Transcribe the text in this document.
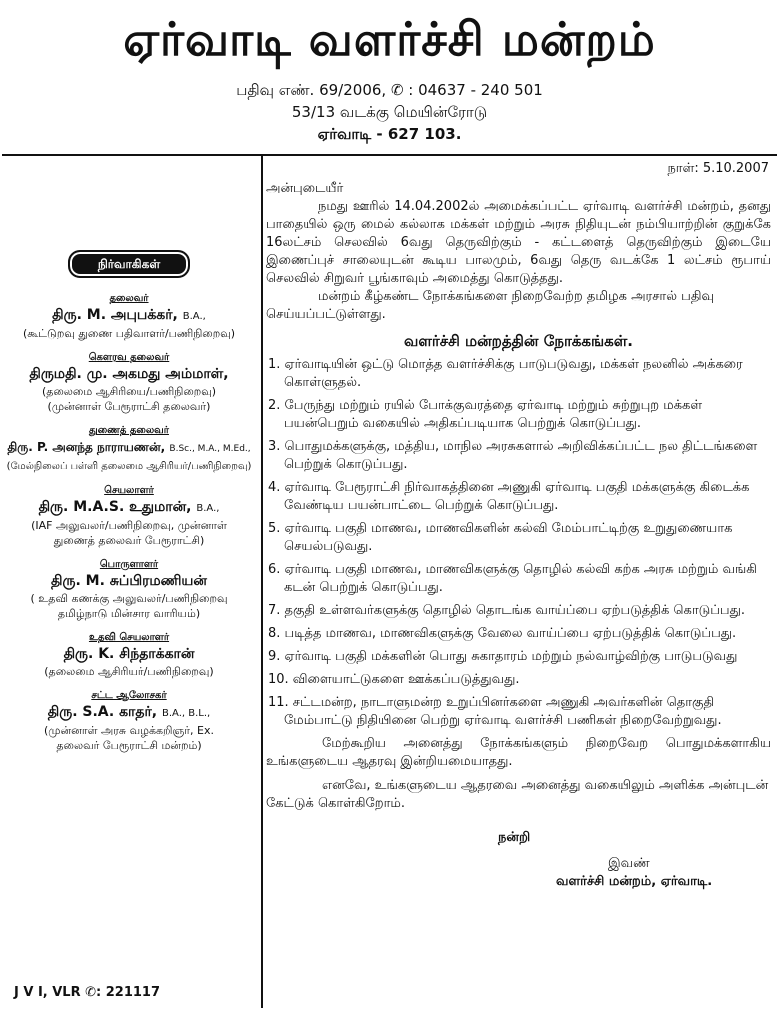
ஏர்வாடி வளர்ச்சி மன்றம்
பதிவு எண். 69/2006, ✆ : 04637 - 240 501
53/13 வடக்கு மெயின்ரோடு
ஏர்வாடி - 627 103.
நிர்வாகிகள்
தலைவர்
திரு. M. அபுபக்கர், B.A.,
(கூட்டுறவு துணை பதிவாளர்/பணிநிறைவு)
கௌரவ தலைவர்
திருமதி. மு. அகமது அம்மாள்,
(தலைமை ஆசிரியை/பணிநிறைவு)
(முன்னாள் பேரூராட்சி தலைவர்)
துணைத் தலைவர்
திரு. P. அனந்த நாராயணன், B.Sc., M.A., M.Ed.,
(மேல்நிலைப் பள்ளி தலைமை ஆசிரியர்/பணிநிறைவு)
செயலாளர்
திரு. M.A.S. உதுமான், B.A.,
(IAF அலுவலர்/பணிநிறைவு, முன்னாள்
துணைத் தலைவர் பேரூராட்சி)
பொருளாளர்
திரு. M. சுப்பிரமணியன்
( உதவி கணக்கு அலுவலர்/பணிநிறைவு
தமிழ்நாடு மின்சார வாரியம்)
உதவி செயலாளர்
திரு. K. சிந்தாக்கான்
(தலைமை ஆசிரியர்/பணிநிறைவு)
சட்ட ஆலோசகர்
திரு. S.A. காதர், B.A., B.L.,
(முன்னாள் அரசு வழக்கறிஞர், Ex.
தலைவர் பேரூராட்சி மன்றம்)
J V I, VLR ✆: 221117
நாள்: 5.10.2007
அன்புடையீர்

நமது ஊரில் 14.04.2002ல் அமைக்கப்பட்ட ஏர்வாடி வளர்ச்சி மன்றம், தனது பாதையில் ஒரு மைல் கல்லாக மக்கள் மற்றும் அரசு நிதியுடன் நம்பியாற்றின் குறுக்கே 16லட்சம் செலவில் 6வது தெருவிற்கும் - கட்டளைத் தெருவிற்கும் இடையே இணைப்புச் சாலையுடன் கூடிய பாலமும், 6வது தெரு வடக்கே 1 லட்சம் ரூபாய் செலவில் சிறுவர் பூங்காவும் அமைத்து கொடுத்தது.

மன்றம் கீழ்கண்ட நோக்கங்களை நிறைவேற்ற தமிழக அரசால் பதிவு செய்யப்பட்டுள்ளது.

வளர்ச்சி மன்றத்தின் நோக்கங்கள்.
1. ஏர்வாடியின் ஒட்டு மொத்த வளர்ச்சிக்கு பாடுபடுவது, மக்கள் நலனில் அக்கரை கொள்ளுதல்.
2. பேருந்து மற்றும் ரயில் போக்குவரத்தை ஏர்வாடி மற்றும் சுற்றுபுற மக்கள் பயன்பெறும் வகையில் அதிகப்படியாக பெற்றுக் கொடுப்பது.
3. பொதுமக்களுக்கு, மத்திய, மாநில அரசுகளால் அறிவிக்கப்பட்ட நல திட்டங்களை பெற்றுக் கொடுப்பது.
4. ஏர்வாடி பேரூராட்சி நிர்வாகத்தினை அணுகி ஏர்வாடி பகுதி மக்களுக்கு கிடைக்க வேண்டிய பயன்பாட்டை பெற்றுக் கொடுப்பது.
5. ஏர்வாடி பகுதி மாணவ, மாணவிகளின் கல்வி மேம்பாட்டிற்கு உறுதுணையாக செயல்படுவது.
6. ஏர்வாடி பகுதி மாணவ, மாணவிகளுக்கு தொழில் கல்வி கற்க அரசு மற்றும் வங்கி கடன் பெற்றுக் கொடுப்பது.
7. தகுதி உள்ளவர்களுக்கு தொழில் தொடங்க வாய்ப்பை ஏற்படுத்திக் கொடுப்பது.
8. படித்த மாணவ, மாணவிகளுக்கு வேலை வாய்ப்பை ஏற்படுத்திக் கொடுப்பது.
9. ஏர்வாடி பகுதி மக்களின் பொது சுகாதாரம் மற்றும் நல்வாழ்விற்கு பாடுபடுவது
10. விளையாட்டுகளை ஊக்கப்படுத்துவது.
11. சட்டமன்ற, நாடாளுமன்ற உறுப்பினர்களை அணுகி அவர்களின் தொகுதி மேம்பாட்டு நிதியினை பெற்று ஏர்வாடி வளர்ச்சி பணிகள் நிறைவேற்றுவது.

மேற்கூறிய அனைத்து நோக்கங்களும் நிறைவேற பொதுமக்களாகிய உங்களுடைய ஆதரவு இன்றியமையாதது.

எனவே, உங்களுடைய ஆதரவை அனைத்து வகையிலும் அளிக்க அன்புடன் கேட்டுக் கொள்கிறோம்.

நன்றி
இவண்
வளர்ச்சி மன்றம், ஏர்வாடி.
